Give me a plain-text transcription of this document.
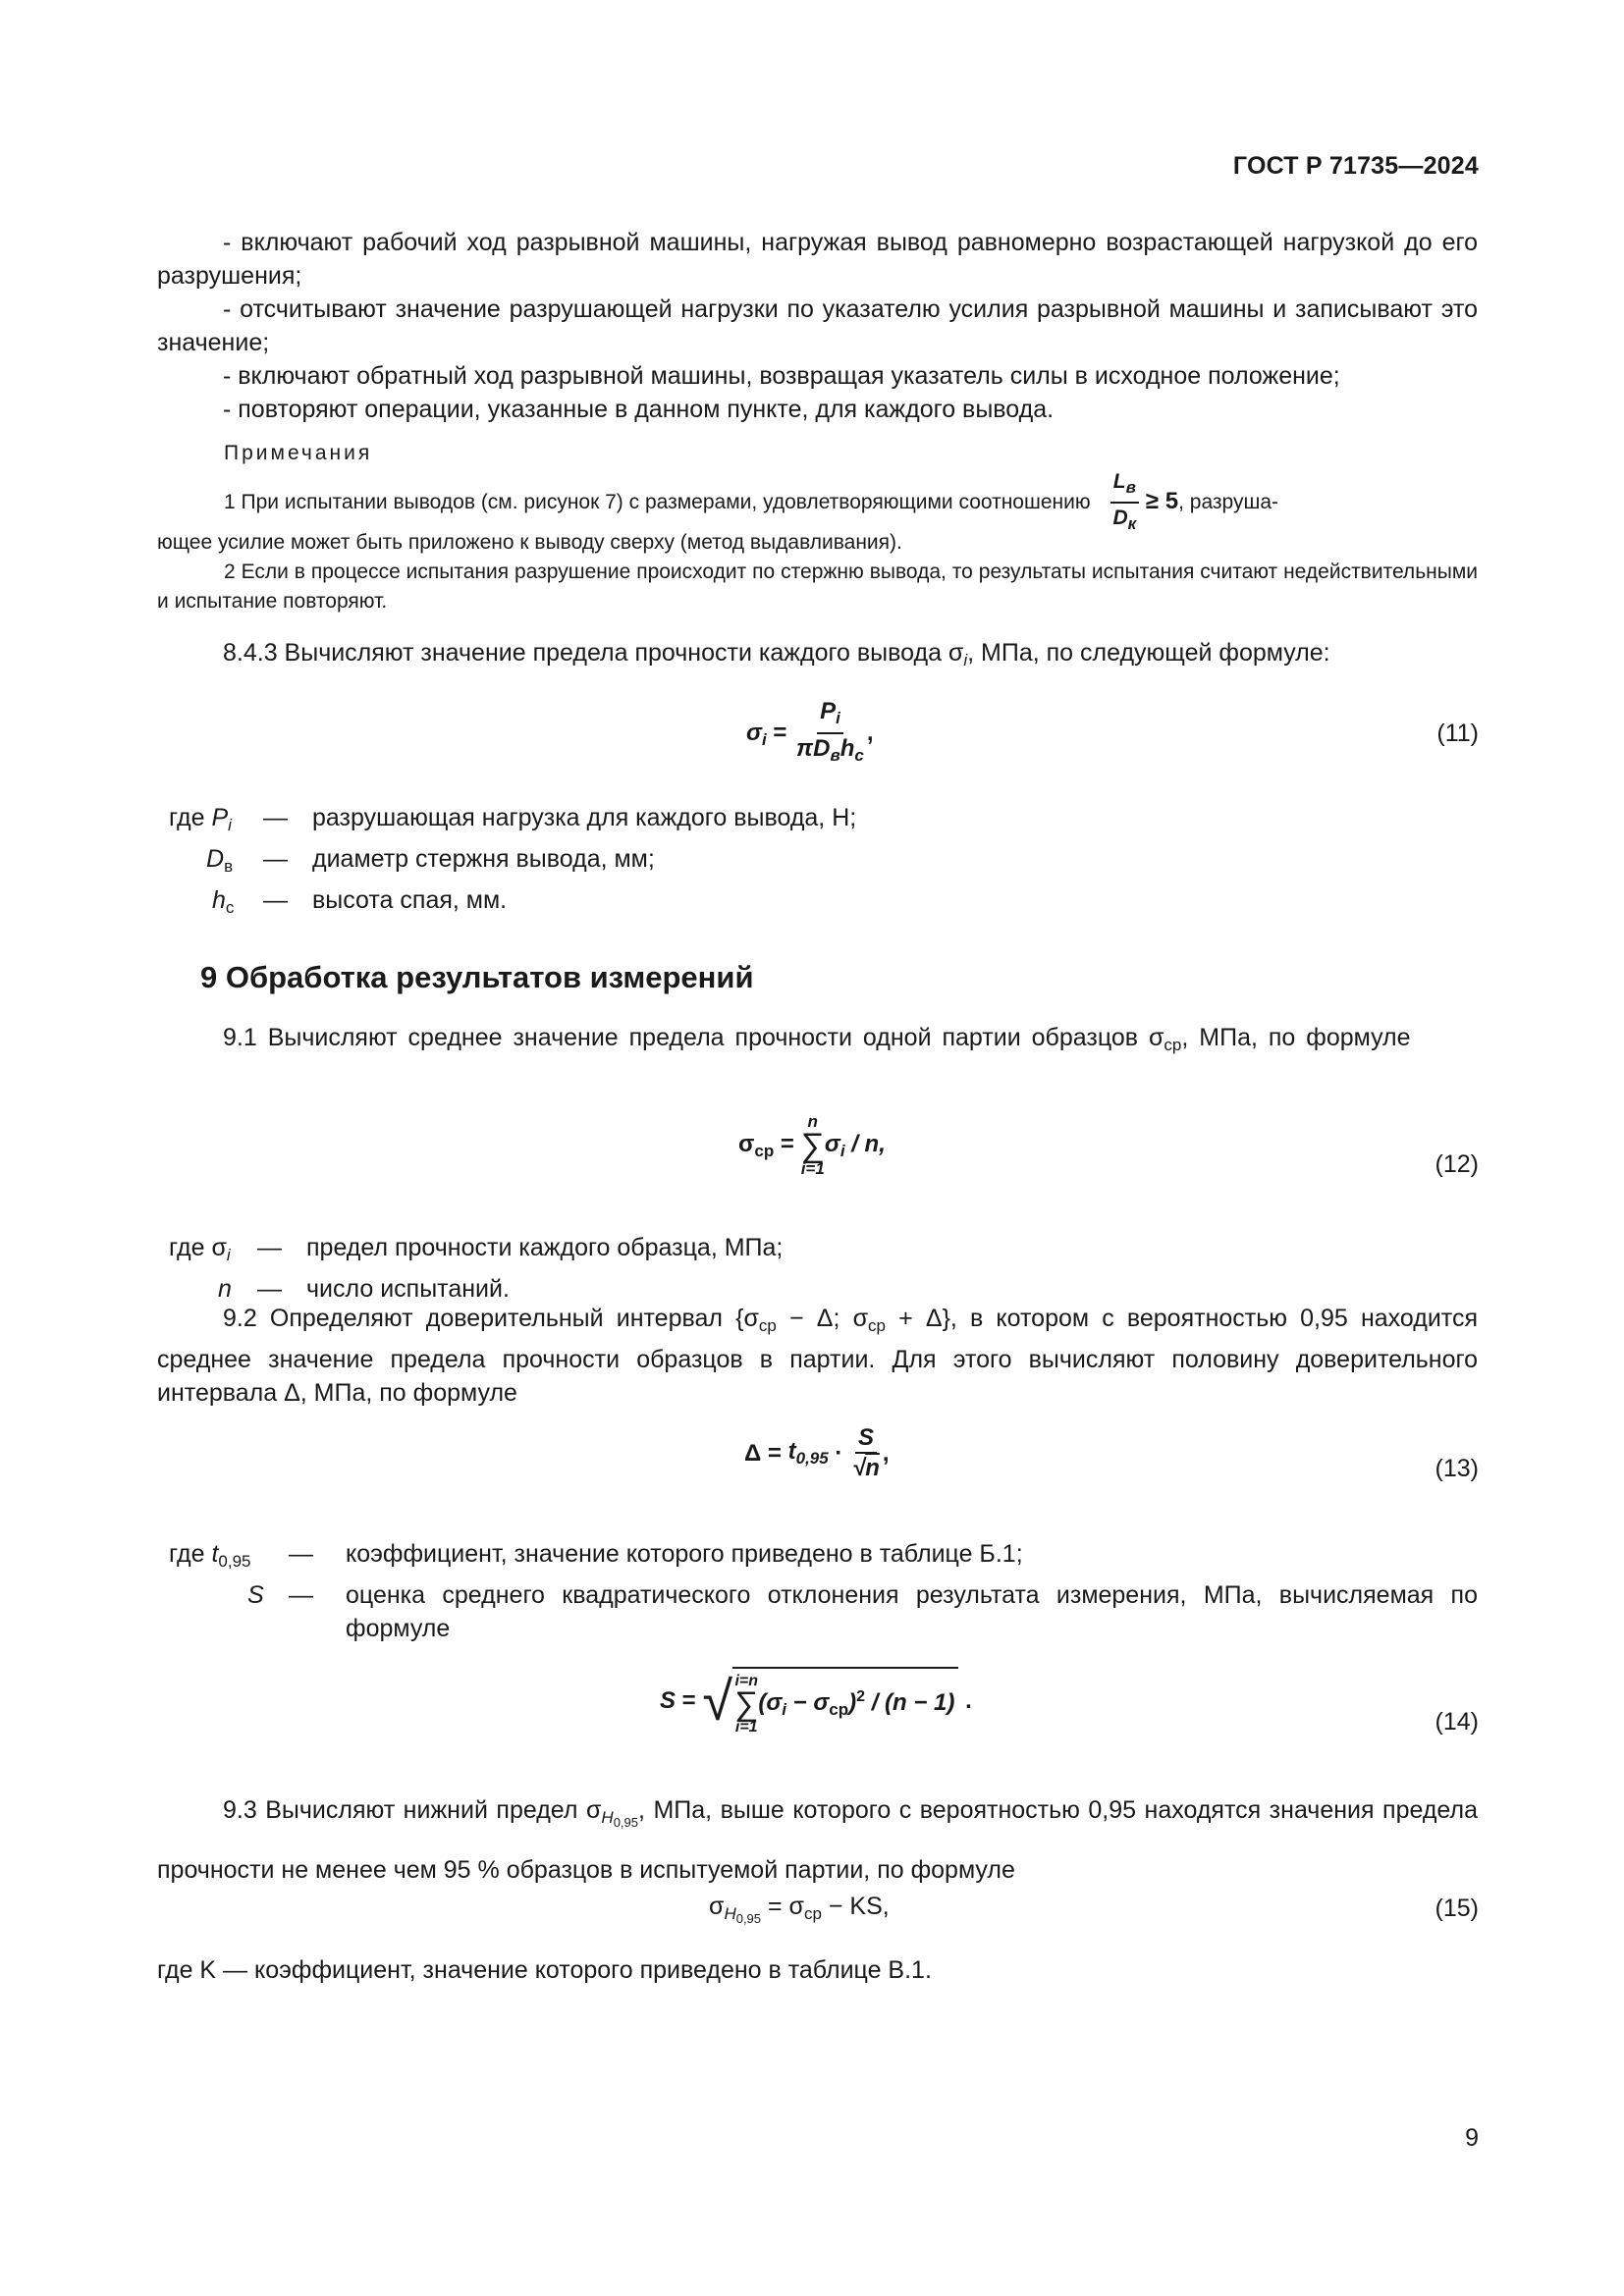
ГОСТ Р 71735—2024

- включают рабочий ход разрывной машины, нагружая вывод равномерно возрастающей нагрузкой до его разрушения;

- отсчитывают значение разрушающей нагрузки по указателю усилия разрывной машины и записывают это значение;

- включают обратный ход разрывной машины, возвращая указатель силы в исходное положение;

- повторяют операции, указанные в данном пункте, для каждого вывода.

Примечания
1 При испытании выводов (см. рисунок 7) с размерами, удовлетворяющими соотношению $\frac{L_в}{D_к} \ge 5$, разруша-
ющее усилие может быть приложено к выводу сверху (метод выдавливания).
2 Если в процессе испытания разрушение происходит по стержню вывода, то результаты испытания считают недействительными и испытание повторяют.

8.4.3 Вычисляют значение предела прочности каждого вывода $\sigma_i$, МПа, по следующей формуле:

$\sigma_i = \frac{P_i}{\pi D_вh_с}$ ,	(11)
где $P_i$ — разрушающая нагрузка для каждого вывода, Н;
$D_в$ — диаметр стержня вывода, мм;
$h_с$ — высота спая, мм.
9 Обработка результатов измерений

9.1 Вычисляют среднее значение предела прочности одной партии образцов $\sigma_{ср}$, МПа, по формуле

$\sigma_{ср}$ =
n
∑
i=1
$\sigma_i$ / n,
(12)
где $\sigma_i$ — предел прочности каждого образца, МПа;
n — число испытаний.

9.2 Определяют доверительный интервал {$\sigma_{ср} - \Delta$; $\sigma_{ср} + \Delta$}, в котором с вероятностью 0,95 находится среднее значение предела прочности образцов в партии. Для этого вычисляют половину доверительного интервала Δ, МПа, по формуле

$\Delta = t_{0,95} \cdot \frac{S}{√n}$ ,
(13)
где $t_{0,95}$ — коэффициент, значение которого приведено в таблице Б.1;
S — оценка среднего квадратического отклонения результата измерения, МПа, вычисляемая по формуле
S = √ i=n
∑
i=1
$(\sigma_i - \sigma_{ср})^2 / (n - 1)$ .
(14)

9.3 Вычисляют нижний предел $\sigma_{H0,95}$, МПа, выше которого с вероятностью 0,95 находятся значения предела прочности не менее чем 95 % образцов в испытуемой партии, по формуле

$\sigma_{H0,95} = \sigma_{ср}$ − KS,	(15)
где K — коэффициент, значение которого приведено в таблице В.1.
9
